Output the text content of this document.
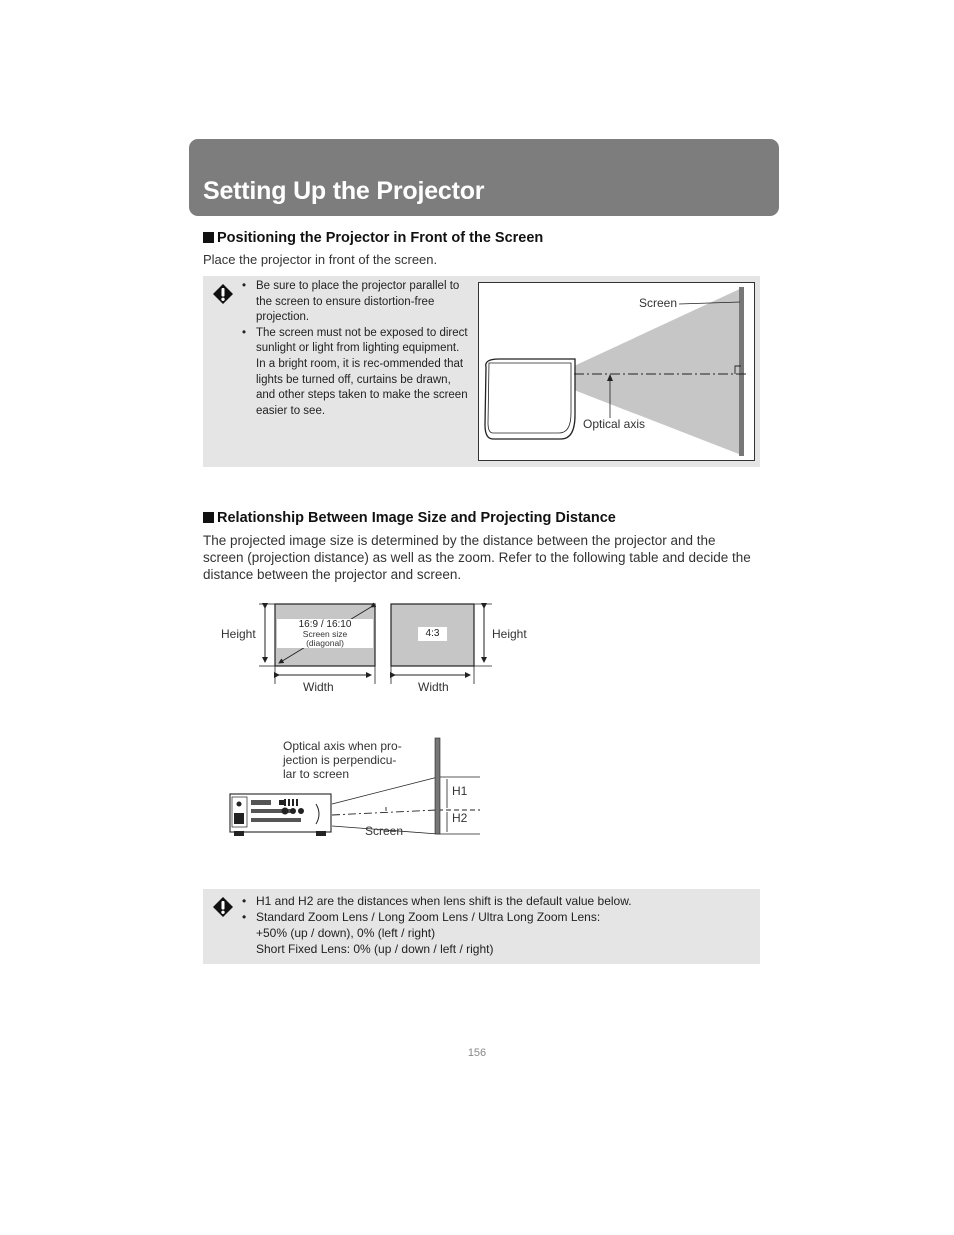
Setting Up the Projector
Positioning the Projector in Front of the Screen

Place the projector in front of the screen.

• Be sure to place the projector parallel to the screen to ensure distortion-free projection.
• The screen must not be exposed to direct sunlight or light from lighting equipment. In a bright room, it is rec-ommended that lights be turned off, curtains be drawn, and other steps taken to make the screen easier to see.
Screen
Optical axis
Relationship Between Image Size and Projecting Distance

The projected image size is determined by the distance between the projector and the screen (projection distance) as well as the zoom. Refer to the following table and decide the distance between the projector and screen.

16:9 / 16:10
Screen size
(diagonal)
4:3
Height	Height
Width	Width
Optical axis when pro-
jection is perpendicu-
lar to screen
H1
H2
Screen
• H1 and H2 are the distances when lens shift is the default value below.
• Standard Zoom Lens / Long Zoom Lens / Ultra Long Zoom Lens:
+50% (up / down), 0% (left / right)
Short Fixed Lens: 0% (up / down / left / right)
156
